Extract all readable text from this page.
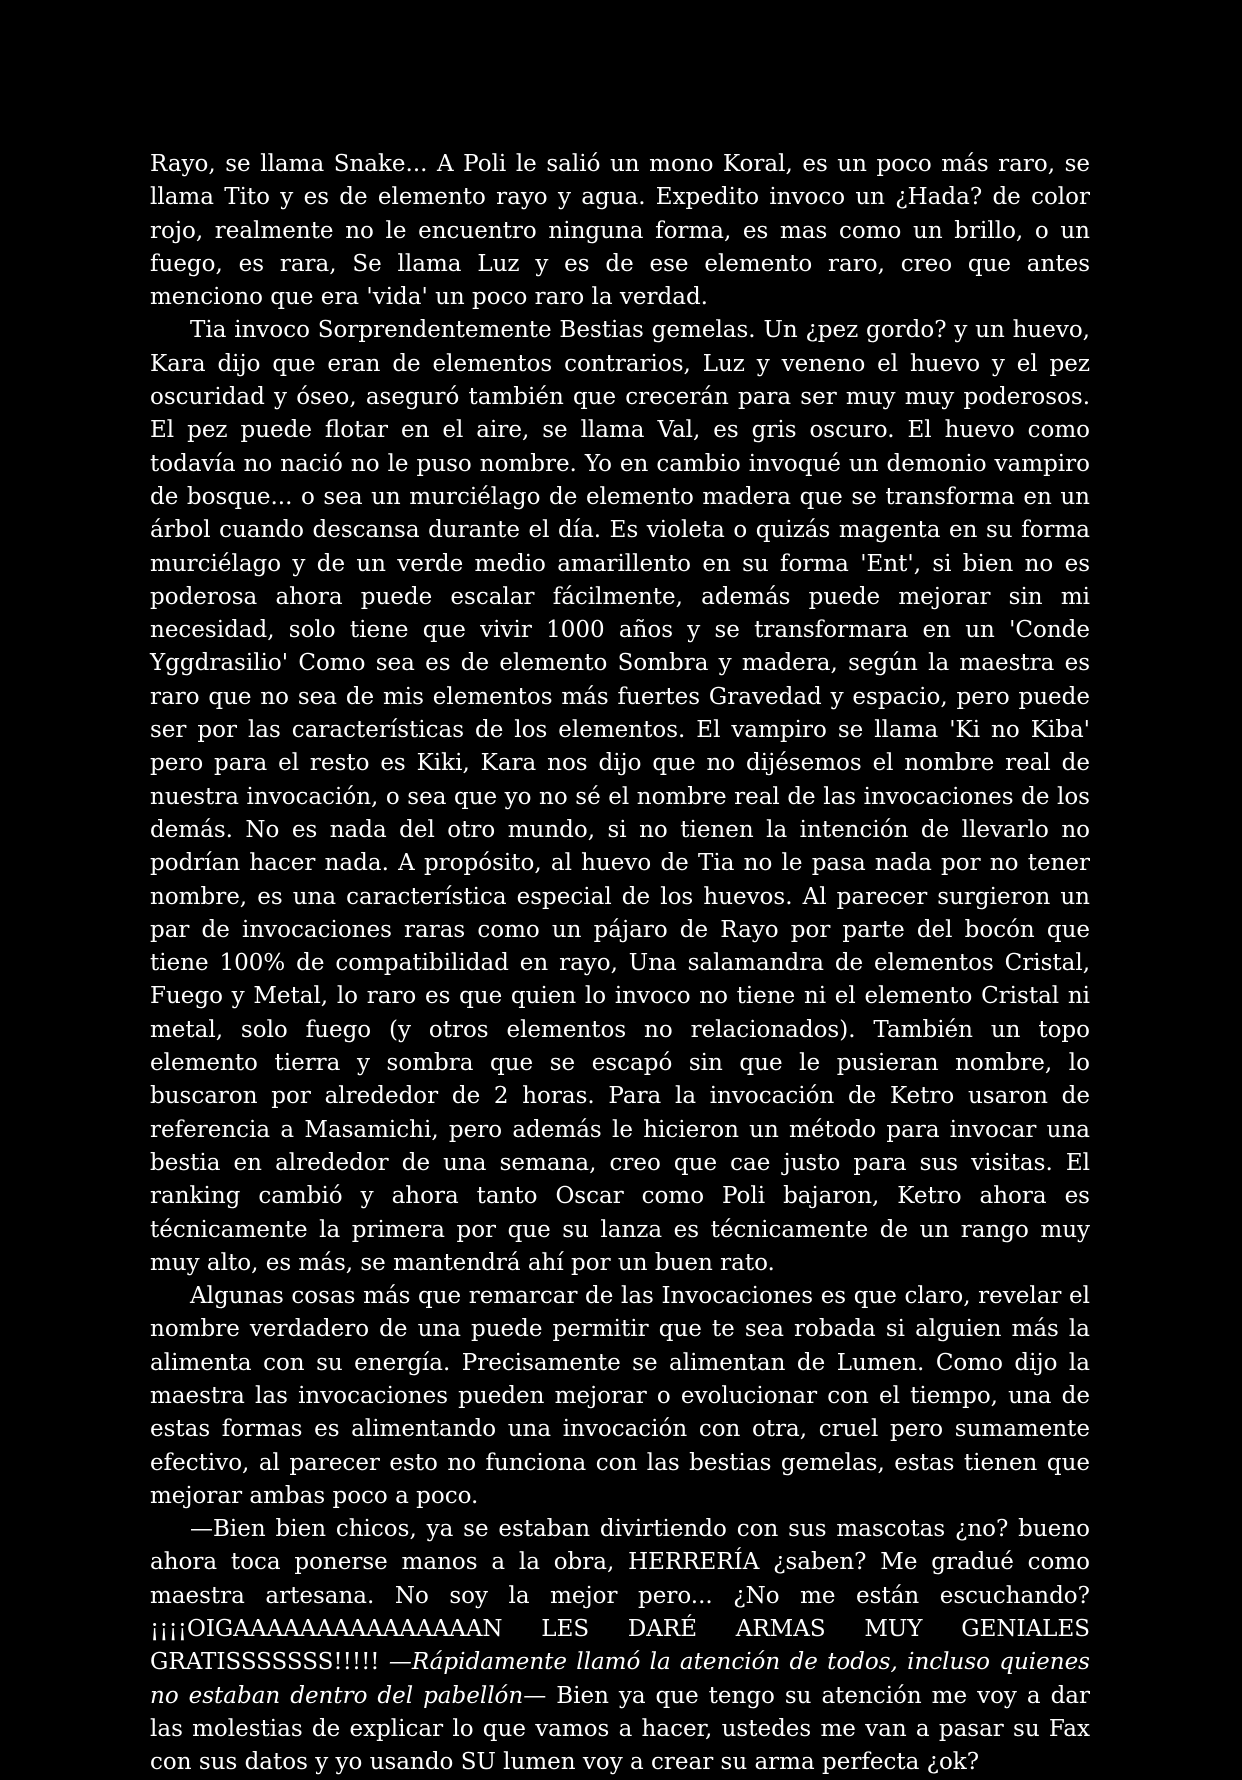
Rayo, se llama Snake... A Poli le salió un mono Koral, es un poco más raro, se llama Tito y es de elemento rayo y agua. Expedito invoco un ¿Hada? de color rojo, realmente no le encuentro ninguna forma, es mas como un brillo, o un fuego, es rara, Se llama Luz y es de ese elemento raro, creo que antes menciono que era 'vida' un poco raro la verdad.

Tia invoco Sorprendentemente Bestias gemelas. Un ¿pez gordo? y un huevo, Kara dijo que eran de elementos contrarios, Luz y veneno el huevo y el pez oscuridad y óseo, aseguró también que crecerán para ser muy muy poderosos. El pez puede flotar en el aire, se llama Val, es gris oscuro. El huevo como todavía no nació no le puso nombre. Yo en cambio invoqué un demonio vampiro de bosque... o sea un murciélago de elemento madera que se transforma en un árbol cuando descansa durante el día. Es violeta o quizás magenta en su forma murciélago y de un verde medio amarillento en su forma 'Ent', si bien no es poderosa ahora puede escalar fácilmente, además puede mejorar sin mi necesidad, solo tiene que vivir 1000 años y se transformara en un 'Conde Yggdrasilio' Como sea es de elemento Sombra y madera, según la maestra es raro que no sea de mis elementos más fuertes Gravedad y espacio, pero puede ser por las características de los elementos. El vampiro se llama 'Ki no Kiba' pero para el resto es Kiki, Kara nos dijo que no dijésemos el nombre real de nuestra invocación, o sea que yo no sé el nombre real de las invocaciones de los demás. No es nada del otro mundo, si no tienen la intención de llevarlo no podrían hacer nada. A propósito, al huevo de Tia no le pasa nada por no tener nombre, es una característica especial de los huevos. Al parecer surgieron un par de invocaciones raras como un pájaro de Rayo por parte del bocón que tiene 100% de compatibilidad en rayo, Una salamandra de elementos Cristal, Fuego y Metal, lo raro es que quien lo invoco no tiene ni el elemento Cristal ni metal, solo fuego (y otros elementos no relacionados). También un topo elemento tierra y sombra que se escapó sin que le pusieran nombre, lo buscaron por alrededor de 2 horas. Para la invocación de Ketro usaron de referencia a Masamichi, pero además le hicieron un método para invocar una bestia en alrededor de una semana, creo que cae justo para sus visitas. El ranking cambió y ahora tanto Oscar como Poli bajaron, Ketro ahora es técnicamente la primera por que su lanza es técnicamente de un rango muy muy alto, es más, se mantendrá ahí por un buen rato.

Algunas cosas más que remarcar de las Invocaciones es que claro, revelar el nombre verdadero de una puede permitir que te sea robada si alguien más la alimenta con su energía. Precisamente se alimentan de Lumen. Como dijo la maestra las invocaciones pueden mejorar o evolucionar con el tiempo, una de estas formas es alimentando una invocación con otra, cruel pero sumamente efectivo, al parecer esto no funciona con las bestias gemelas, estas tienen que mejorar ambas poco a poco.

—Bien bien chicos, ya se estaban divirtiendo con sus mascotas ¿no? bueno ahora toca ponerse manos a la obra, HERRERÍA ¿saben? Me gradué como maestra artesana. No soy la mejor pero... ¿No me están escuchando? ¡¡¡¡OIGAAAAAAAAAAAAAAAN LES DARÉ ARMAS MUY GENIALES GRATISSSSSSS!!!!! —Rápidamente llamó la atención de todos, incluso quienes no estaban dentro del pabellón— Bien ya que tengo su atención me voy a dar las molestias de explicar lo que vamos a hacer, ustedes me van a pasar su Fax con sus datos y yo usando SU lumen voy a crear su arma perfecta ¿ok?
